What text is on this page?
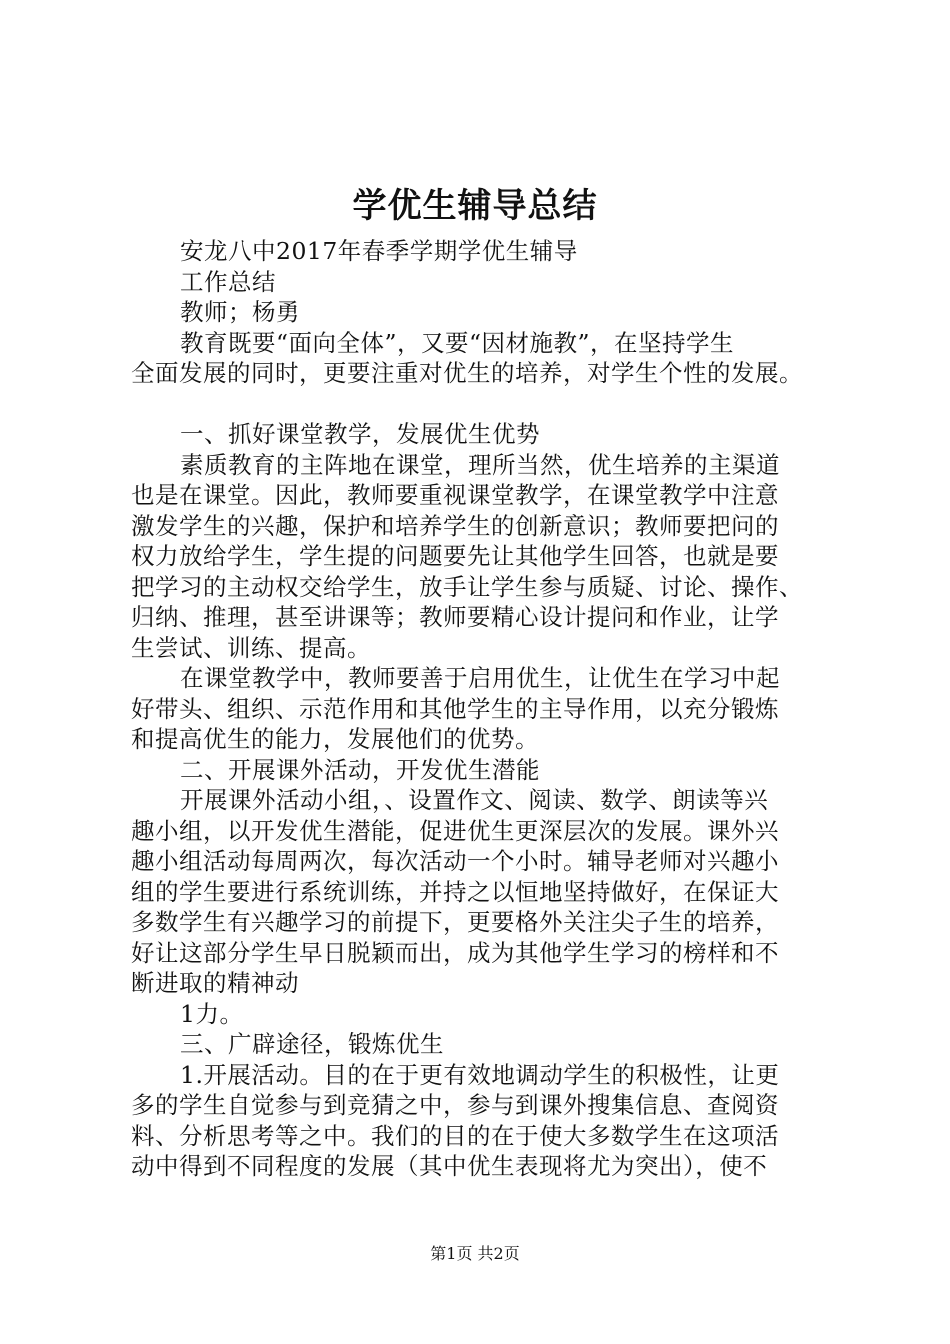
学优生辅导总结
安龙八中2017年春季学期学优生辅导
工作总结
教师；杨勇
教育既要“面向全体”，又要“因材施教”，在坚持学生
全面发展的同时，更要注重对优生的培养，对学生个性的发展。
一、抓好课堂教学，发展优生优势
素质教育的主阵地在课堂，理所当然，优生培养的主渠道
也是在课堂。因此，教师要重视课堂教学，在课堂教学中注意
激发学生的兴趣，保护和培养学生的创新意识；教师要把问的
权力放给学生，学生提的问题要先让其他学生回答，也就是要
把学习的主动权交给学生，放手让学生参与质疑、讨论、操作、
归纳、推理，甚至讲课等；教师要精心设计提问和作业，让学
生尝试、训练、提高。
在课堂教学中，教师要善于启用优生，让优生在学习中起
好带头、组织、示范作用和其他学生的主导作用，以充分锻炼
和提高优生的能力，发展他们的优势。
二、开展课外活动，开发优生潜能
开展课外活动小组，、设置作文、阅读、数学、朗读等兴
趣小组，以开发优生潜能，促进优生更深层次的发展。课外兴
趣小组活动每周两次，每次活动一个小时。辅导老师对兴趣小
组的学生要进行系统训练，并持之以恒地坚持做好，在保证大
多数学生有兴趣学习的前提下，更要格外关注尖子生的培养，
好让这部分学生早日脱颖而出，成为其他学生学习的榜样和不
断进取的精神动
1力。
三、广辟途径，锻炼优生
1.开展活动。目的在于更有效地调动学生的积极性，让更
多的学生自觉参与到竞猜之中，参与到课外搜集信息、查阅资
料、分析思考等之中。我们的目的在于使大多数学生在这项活
动中得到不同程度的发展（其中优生表现将尤为突出），使不
第1页 共2页
